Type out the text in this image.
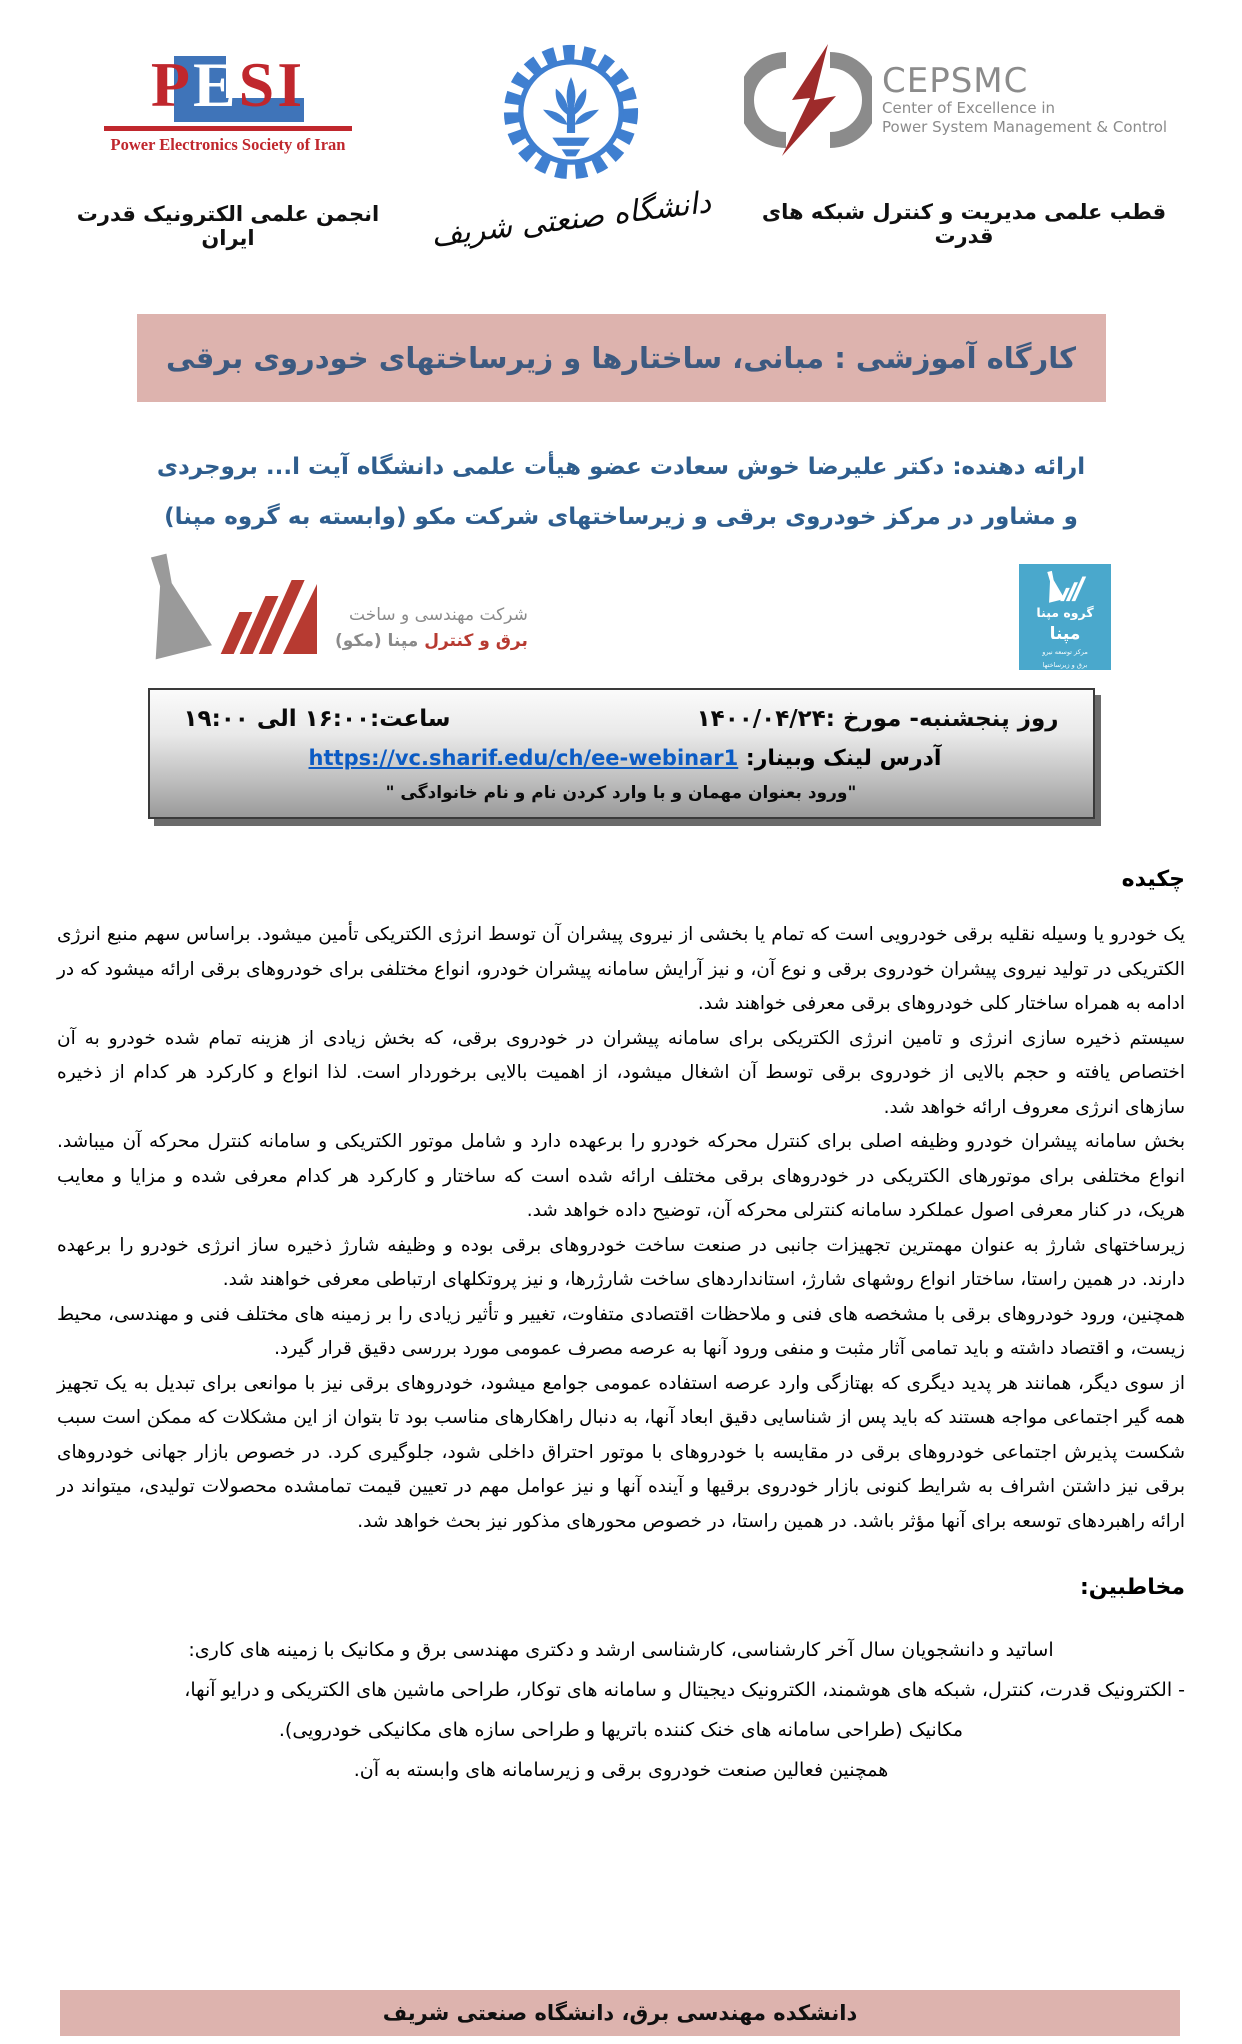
PESI
Power Electronics Society of Iran
انجمن علمی الکترونیک قدرت ایران	دانشگاه صنعتی شریف
CEPSMC
Center of Excellence in
Power System Management & Control
قطب علمی مدیریت و کنترل شبکه های قدرت
کارگاه آموزشی : مبانی، ساختارها و زیرساختهای خودروی برقی
ارائه دهنده: دکتر علیرضا خوش سعادت عضو هیأت علمی دانشگاه آیت ا... بروجردی
و مشاور در مرکز خودروی برقی و زیرساختهای شرکت مکو (وابسته به گروه مپنا)
شرکت مهندسی و ساخت
برق و کنترل مپنا (مکو)
گروه مپنا
مپنا
مرکز توسعه نیرو
برق و زیرساختها
روز پنجشنبه- مورخ :۱۴۰۰/۰۴/۲۴
ساعت:۱۶:۰۰ الی ۱۹:۰۰
آدرس لینک وبینار: https://vc.sharif.edu/ch/ee-webinar1
"ورود بعنوان مهمان و با وارد کردن نام و نام خانوادگی "
چکیده
یک خودرو یا وسیله نقلیه برقی خودرویی است که تمام یا بخشی از نیروی پیشران آن توسط انرژی الکتریکی تأمین میشود. براساس سهم منبع انرژی الکتریکی در تولید نیروی پیشران خودروی برقی و نوع آن، و نیز آرایش سامانه پیشران خودرو، انواع مختلفی برای خودروهای برقی ارائه میشود که در ادامه به همراه ساختار کلی خودروهای برقی معرفی خواهند شد.
سیستم ذخیره سازی انرژی و تامین انرژی الکتریکی برای سامانه پیشران در خودروی برقی، که بخش زیادی از هزینه تمام شده خودرو به آن اختصاص یافته و حجم بالایی از خودروی برقی توسط آن اشغال میشود، از اهمیت بالایی برخوردار است. لذا انواع و کارکرد هر کدام از ذخیره سازهای انرژی معروف ارائه خواهد شد.
بخش سامانه پیشران خودرو وظیفه اصلی برای کنترل محرکه خودرو را برعهده دارد و شامل موتور الکتریکی و سامانه کنترل محرکه آن میباشد. انواع مختلفی برای موتورهای الکتریکی در خودروهای برقی مختلف ارائه شده است که ساختار و کارکرد هر کدام معرفی شده و مزایا و معایب هریک، در کنار معرفی اصول عملکرد سامانه کنترلی محرکه آن، توضیح داده خواهد شد.
زیرساختهای شارژ به عنوان مهمترین تجهیزات جانبی در صنعت ساخت خودروهای برقی بوده و وظیفه شارژ ذخیره ساز انرژی خودرو را برعهده دارند. در همین راستا، ساختار انواع روشهای شارژ، استانداردهای ساخت شارژرها، و نیز پروتکلهای ارتباطی معرفی خواهند شد.
همچنین، ورود خودروهای برقی با مشخصه های فنی و ملاحظات اقتصادی متفاوت، تغییر و تأثیر زیادی را بر زمینه های مختلف فنی و مهندسی، محیط زیست، و اقتصاد داشته و باید تمامی آثار مثبت و منفی ورود آنها به عرصه مصرف عمومی مورد بررسی دقیق قرار گیرد.
از سوی دیگر، همانند هر پدید دیگری که بهتازگی وارد عرصه استفاده عمومی جوامع میشود، خودروهای برقی نیز با موانعی برای تبدیل به یک تجهیز همه گیر اجتماعی مواجه هستند که باید پس از شناسایی دقیق ابعاد آنها، به دنبال راهکارهای مناسب بود تا بتوان از این مشکلات که ممکن است سبب شکست پذیرش اجتماعی خودروهای برقی در مقایسه با خودروهای با موتور احتراق داخلی شود، جلوگیری کرد. در خصوص بازار جهانی خودروهای برقی نیز داشتن اشراف به شرایط کنونی بازار خودروی برقیها و آینده آنها و نیز عوامل مهم در تعیین قیمت تمامشده محصولات تولیدی، میتواند در ارائه راهبردهای توسعه برای آنها مؤثر باشد. در همین راستا، در خصوص محورهای مذکور نیز بحث خواهد شد.
مخاطبین:
اساتید و دانشجویان سال آخر کارشناسی، کارشناسی ارشد و دکتری مهندسی برق و مکانیک با زمینه های کاری:
- الکترونیک قدرت، کنترل، شبکه های هوشمند، الکترونیک دیجیتال و سامانه های توکار، طراحی ماشین های الکتریکی و درایو آنها،
مکانیک (طراحی سامانه های خنک کننده باتریها و طراحی سازه های مکانیکی خودرویی).
همچنین فعالین صنعت خودروی برقی و زیرسامانه های وابسته به آن.
دانشکده مهندسی برق، دانشگاه صنعتی شریف
